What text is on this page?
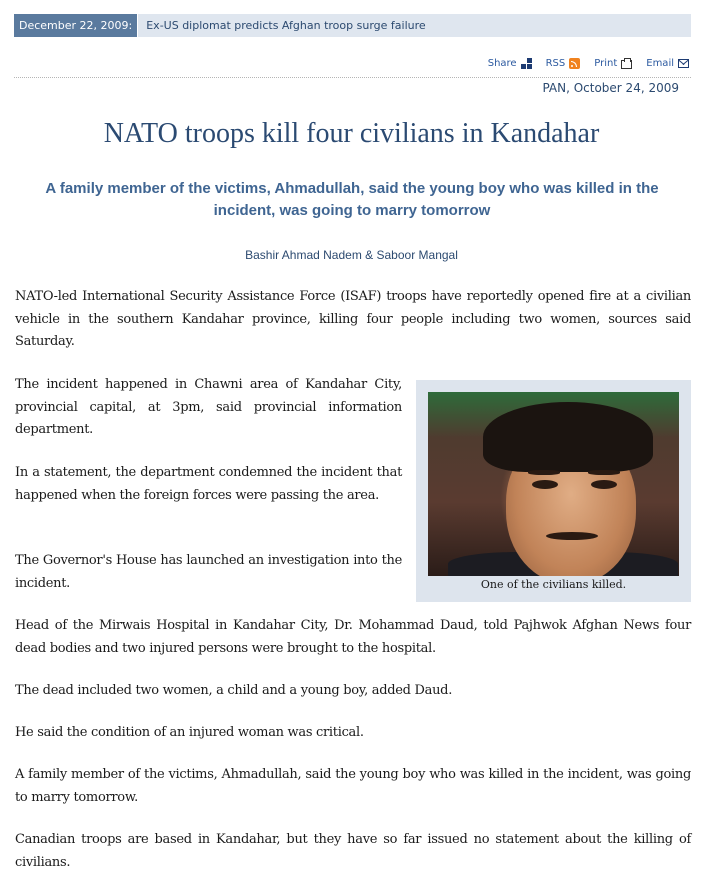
December 22, 2009:	Ex-US diplomat predicts Afghan troop surge failure
Share	RSS	Print	Email
PAN, October 24, 2009
NATO troops kill four civilians in Kandahar
A family member of the victims, Ahmadullah, said the young boy who was killed in the incident, was going to marry tomorrow
Bashir Ahmad Nadem & Saboor Mangal

NATO-led International Security Assistance Force (ISAF) troops have reportedly opened fire at a civilian vehicle in the southern Kandahar province, killing four people including two women, sources said Saturday.

The incident happened in Chawni area of Kandahar City, provincial capital, at 3pm, said provincial information department.

In a statement, the department condemned the incident that happened when the foreign forces were passing the area.

The Governor's House has launched an investigation into the incident.

Head of the Mirwais Hospital in Kandahar City, Dr. Mohammad Daud, told Pajhwok Afghan News four dead bodies and two injured persons were brought to the hospital.

The dead included two women, a child and a young boy, added Daud.

He said the condition of an injured woman was critical.

A family member of the victims, Ahmadullah, said the young boy who was killed in the incident, was going to marry tomorrow.

Canadian troops are based in Kandahar, but they have so far issued no statement about the killing of civilians.

One of the civilians killed.
